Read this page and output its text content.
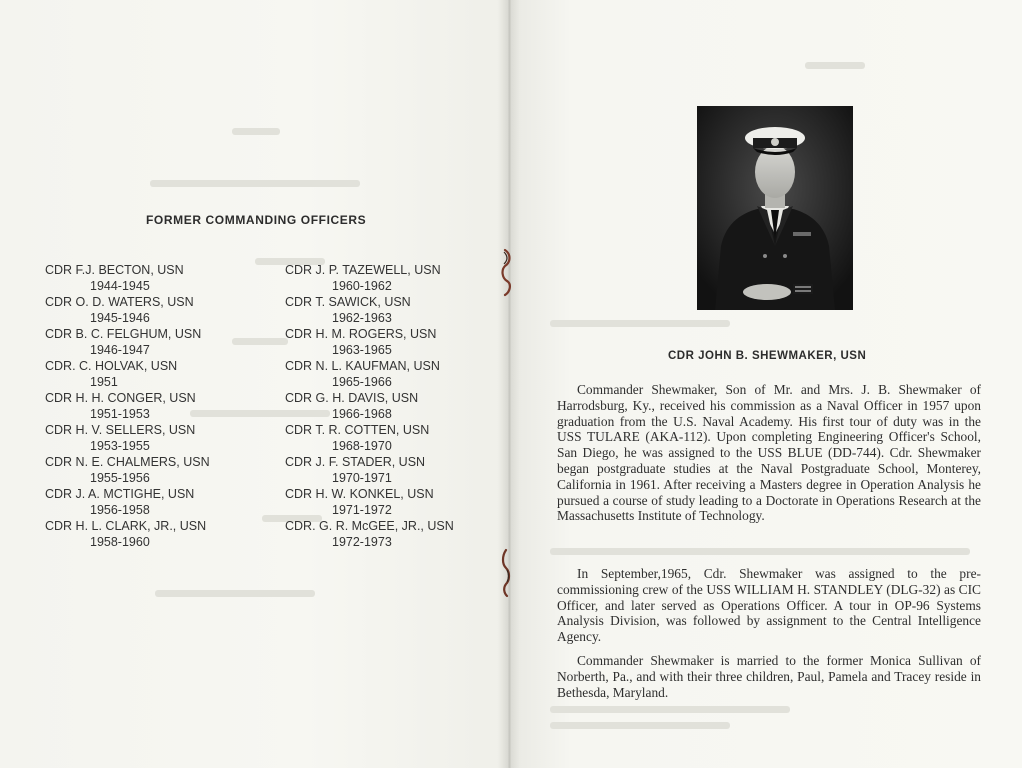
FORMER COMMANDING OFFICERS
CDR F.J. BECTON, USN
1944-1945
CDR O. D. WATERS, USN
1945-1946
CDR B. C. FELGHUM, USN
1946-1947
CDR. C. HOLVAK, USN
1951
CDR H. H. CONGER, USN
1951-1953
CDR H. V. SELLERS, USN
1953-1955
CDR N. E. CHALMERS, USN
1955-1956
CDR J. A. MCTIGHE, USN
1956-1958
CDR H. L. CLARK, JR., USN
1958-1960
CDR J. P. TAZEWELL, USN
1960-1962
CDR T. SAWICK, USN
1962-1963
CDR H. M. ROGERS, USN
1963-1965
CDR N. L. KAUFMAN, USN
1965-1966
CDR G. H. DAVIS, USN
1966-1968
CDR T. R. COTTEN, USN
1968-1970
CDR J. F. STADER, USN
1970-1971
CDR H. W. KONKEL, USN
1971-1972
CDR. G. R. McGEE, JR., USN
1972-1973
CDR JOHN B. SHEWMAKER, USN
Commander Shewmaker, Son of Mr. and Mrs. J. B. Shewmaker of Harrodsburg, Ky., received his commission as a Naval Officer in 1957 upon graduation from the U.S. Naval Academy. His first tour of duty was in the USS TULARE (AKA-112). Upon completing Engineering Officer's School, San Diego, he was assigned to the USS BLUE (DD-744). Cdr. Shewmaker began postgraduate studies at the Naval Postgraduate School, Monterey, California in 1961. After receiving a Masters degree in Operation Analysis he pursued a course of study leading to a Doctorate in Operations Research at the Massachusetts Institute of Technology.
In September,1965, Cdr. Shewmaker was assigned to the pre-commissioning crew of the USS WILLIAM H. STANDLEY (DLG-32) as CIC Officer, and later served as Operations Officer. A tour in OP-96 Systems Analysis Division, was followed by assignment to the Central Intelligence Agency.
Commander Shewmaker is married to the former Monica Sullivan of Norberth, Pa., and with their three children, Paul, Pamela and Tracey reside in Bethesda, Maryland.
